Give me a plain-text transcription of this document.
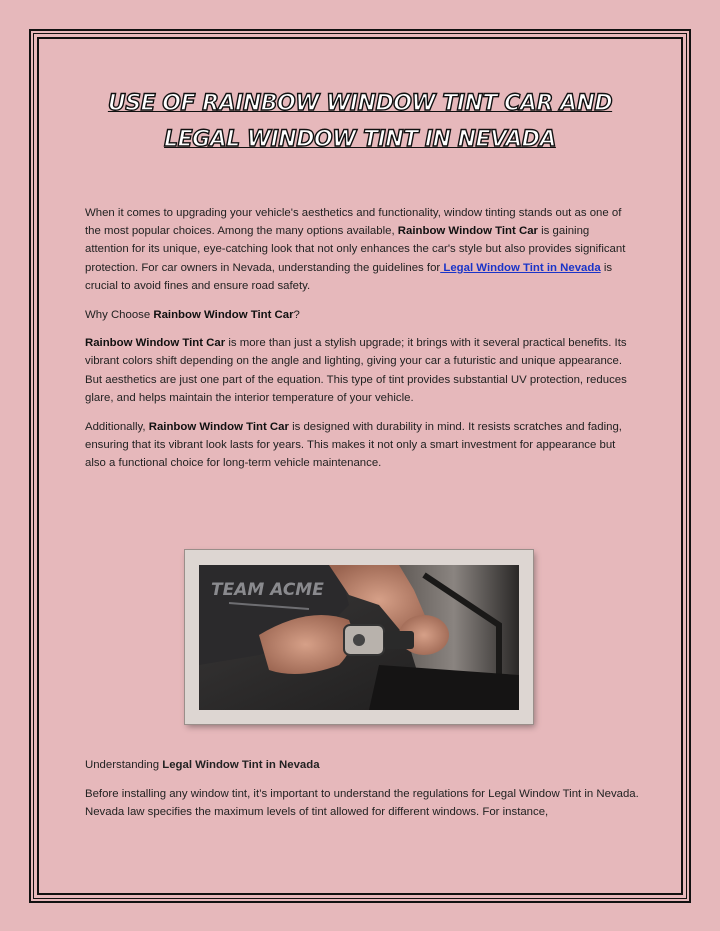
USE OF RAINBOW WINDOW TINT CAR AND
LEGAL WINDOW TINT IN NEVADA

When it comes to upgrading your vehicle's aesthetics and functionality, window tinting stands out as one of the most popular choices. Among the many options available, Rainbow Window Tint Car is gaining attention for its unique, eye-catching look that not only enhances the car's style but also provides significant protection. For car owners in Nevada, understanding the guidelines for Legal Window Tint in Nevada is crucial to avoid fines and ensure road safety.

Why Choose Rainbow Window Tint Car?

Rainbow Window Tint Car is more than just a stylish upgrade; it brings with it several practical benefits. Its vibrant colors shift depending on the angle and lighting, giving your car a futuristic and unique appearance. But aesthetics are just one part of the equation. This type of tint provides substantial UV protection, reduces glare, and helps maintain the interior temperature of your vehicle.

Additionally, Rainbow Window Tint Car is designed with durability in mind. It resists scratches and fading, ensuring that its vibrant look lasts for years. This makes it not only a smart investment for appearance but also a functional choice for long-term vehicle maintenance.

TEAM ACME

Understanding Legal Window Tint in Nevada

Before installing any window tint, it’s important to understand the regulations for Legal Window Tint in Nevada. Nevada law specifies the maximum levels of tint allowed for different windows. For instance,
